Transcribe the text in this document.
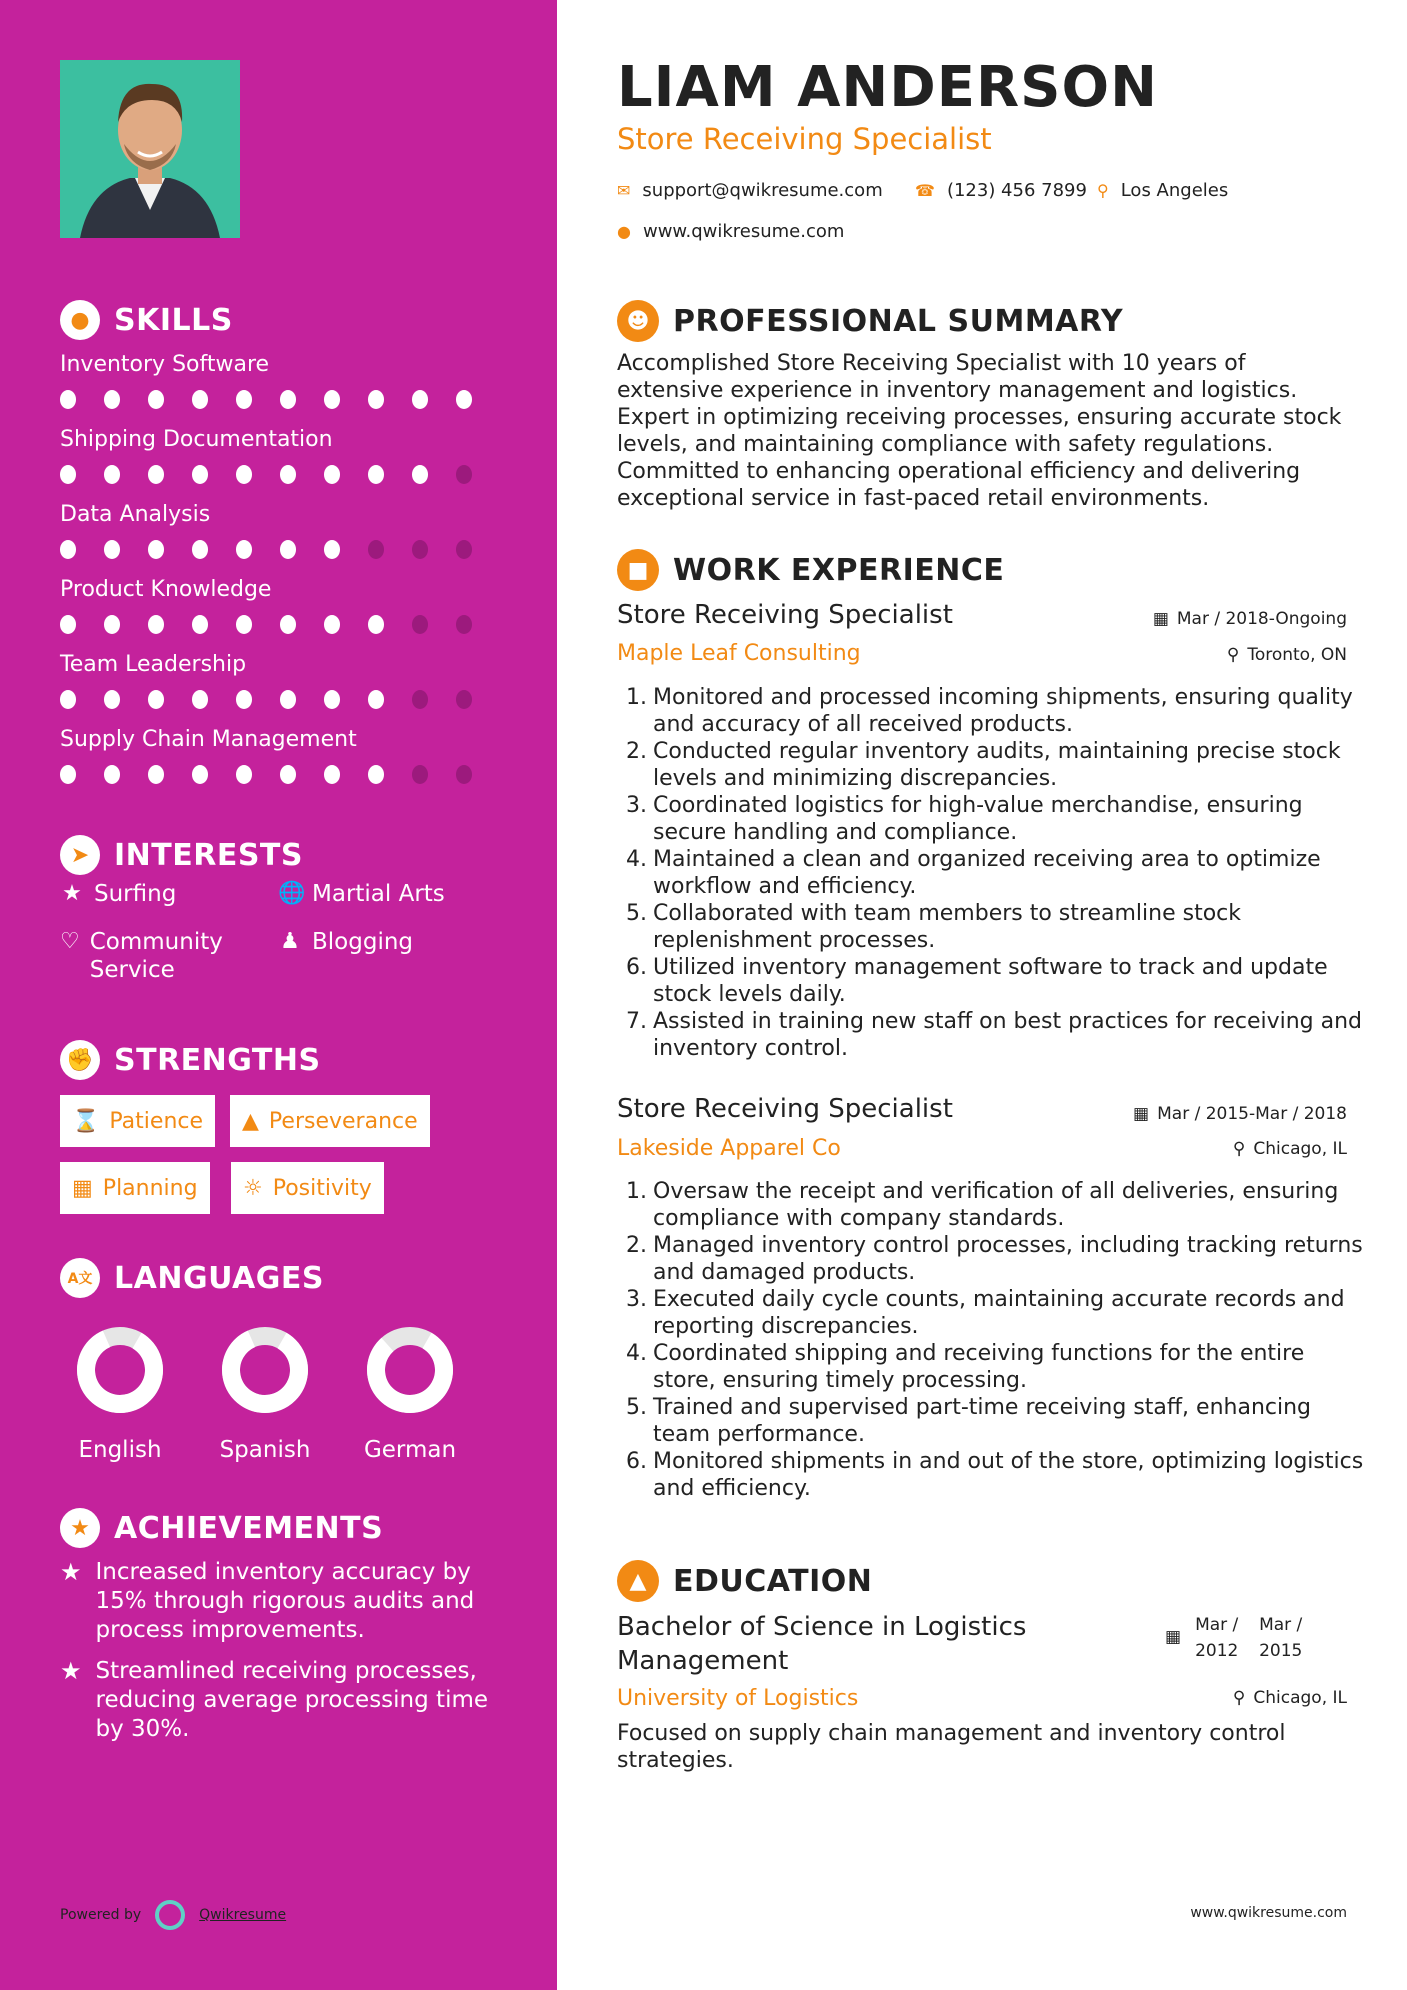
● SKILLS
Inventory Software
Shipping Documentation
Data Analysis
Product Knowledge
Team Leadership
Supply Chain Management
➤ INTERESTS
★ Surfing	🌐 Martial Arts
♡ Community Service
♟ Blogging
✊ STRENGTHS
⌛ Patience ▲ Perseverance
▦ Planning ☼ Positivity
A文 LANGUAGES
English	Spanish	German
★ ACHIEVEMENTS
★ Increased inventory accuracy by 15% through rigorous audits and process improvements.
★ Streamlined receiving processes, reducing average processing time by 30%.
Powered by	Qwikresume
LIAM ANDERSON
Store Receiving Specialist
✉ support@qwikresume.com ☎ (123) 456 7899 ⚲ Los Angeles
● www.qwikresume.com
☻ PROFESSIONAL SUMMARY
Accomplished Store Receiving Specialist with 10 years of extensive experience in inventory management and logistics. Expert in optimizing receiving processes, ensuring accurate stock levels, and maintaining compliance with safety regulations. Committed to enhancing operational efficiency and delivering exceptional service in fast-paced retail environments.
■ WORK EXPERIENCE
Store Receiving Specialist	▦ Mar / 2018-Ongoing
Maple Leaf Consulting	⚲ Toronto, ON
Monitored and processed incoming shipments, ensuring quality and accuracy of all received products.
Conducted regular inventory audits, maintaining precise stock levels and minimizing discrepancies.
Coordinated logistics for high-value merchandise, ensuring secure handling and compliance.
Maintained a clean and organized receiving area to optimize workflow and efficiency.
Collaborated with team members to streamline stock replenishment processes.
Utilized inventory management software to track and update stock levels daily.
Assisted in training new staff on best practices for receiving and inventory control.
Store Receiving Specialist	▦ Mar / 2015-Mar / 2018
Lakeside Apparel Co	⚲ Chicago, IL
Oversaw the receipt and verification of all deliveries, ensuring compliance with company standards.
Managed inventory control processes, including tracking returns and damaged products.
Executed daily cycle counts, maintaining accurate records and reporting discrepancies.
Coordinated shipping and receiving functions for the entire store, ensuring timely processing.
Trained and supervised part-time receiving staff, enhancing team performance.
Monitored shipments in and out of the store, optimizing logistics and efficiency.
▲ EDUCATION
Bachelor of Science in Logistics Management
▦
Mar / 2012
Mar / 2015
University of Logistics	⚲ Chicago, IL
Focused on supply chain management and inventory control strategies.
www.qwikresume.com
